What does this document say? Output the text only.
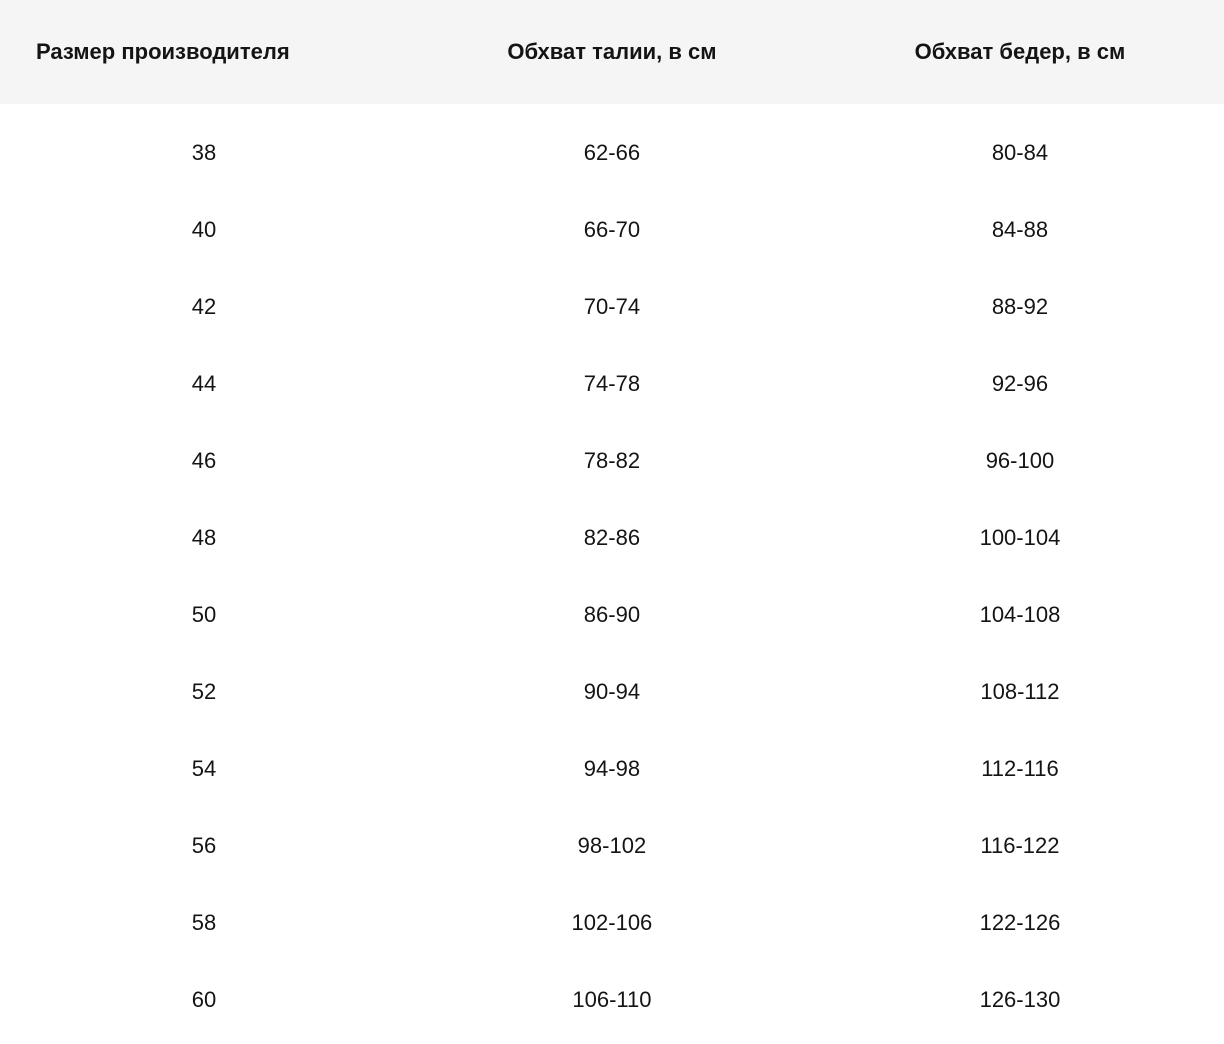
Размер производителя	Обхват талии, в см	Обхват бедер, в см
38	62-66	80-84
40	66-70	84-88
42	70-74	88-92
44	74-78	92-96
46	78-82	96-100
48	82-86	100-104
50	86-90	104-108
52	90-94	108-112
54	94-98	112-116
56	98-102	116-122
58	102-106	122-126
60	106-110	126-130
